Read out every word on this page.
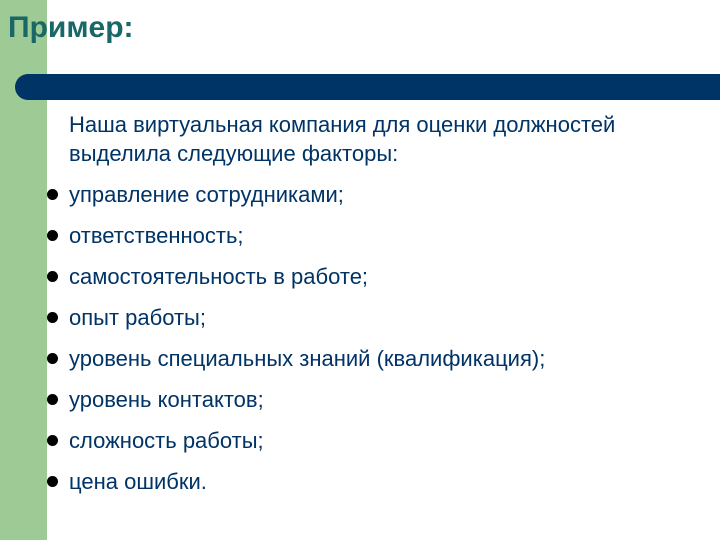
Пример:

Наша виртуальная компания для оценки должностей выделила следующие факторы:

управление сотрудниками;
ответственность;
самостоятельность в работе;
опыт работы;
уровень специальных знаний (квалификация);
уровень контактов;
сложность работы;
цена ошибки.
